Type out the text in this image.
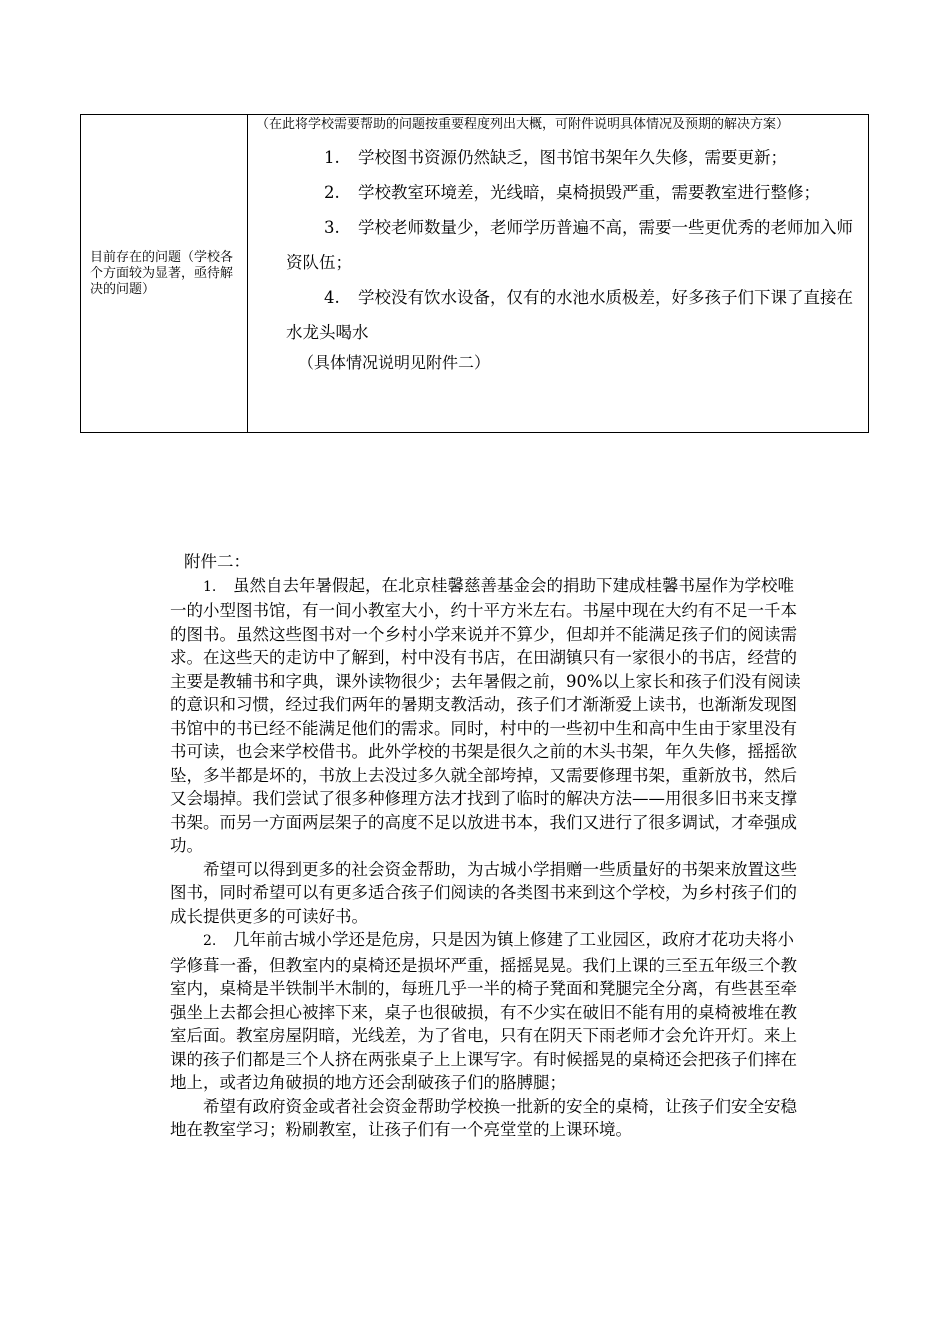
目前存在的问题（学校各个方面较为显著，亟待解决的问题）

（在此将学校需要帮助的问题按重要程度列出大概，可附件说明具体情况及预期的解决方案）
1. 学校图书资源仍然缺乏，图书馆书架年久失修，需要更新；
2. 学校教室环境差，光线暗，桌椅损毁严重，需要教室进行整修；
3. 学校老师数量少，老师学历普遍不高，需要一些更优秀的老师加入师资队伍；
4. 学校没有饮水设备，仅有的水池水质极差，好多孩子们下课了直接在水龙头喝水
（具体情况说明见附件二）
附件二：
1. 虽然自去年暑假起，在北京桂馨慈善基金会的捐助下建成桂馨书屋作为学校唯一的小型图书馆，有一间小教室大小，约十平方米左右。书屋中现在大约有不足一千本的图书。虽然这些图书对一个乡村小学来说并不算少，但却并不能满足孩子们的阅读需求。在这些天的走访中了解到，村中没有书店，在田湖镇只有一家很小的书店，经营的主要是教辅书和字典，课外读物很少；去年暑假之前，90%以上家长和孩子们没有阅读的意识和习惯，经过我们两年的暑期支教活动，孩子们才渐渐爱上读书，也渐渐发现图书馆中的书已经不能满足他们的需求。同时，村中的一些初中生和高中生由于家里没有书可读，也会来学校借书。此外学校的书架是很久之前的木头书架，年久失修，摇摇欲坠，多半都是坏的，书放上去没过多久就全部垮掉，又需要修理书架，重新放书，然后又会塌掉。我们尝试了很多种修理方法才找到了临时的解决方法——用很多旧书来支撑书架。而另一方面两层架子的高度不足以放进书本，我们又进行了很多调试，才牵强成功。
希望可以得到更多的社会资金帮助，为古城小学捐赠一些质量好的书架来放置这些图书，同时希望可以有更多适合孩子们阅读的各类图书来到这个学校，为乡村孩子们的成长提供更多的可读好书。
2. 几年前古城小学还是危房，只是因为镇上修建了工业园区，政府才花功夫将小学修葺一番，但教室内的桌椅还是损坏严重，摇摇晃晃。我们上课的三至五年级三个教室内，桌椅是半铁制半木制的，每班几乎一半的椅子凳面和凳腿完全分离，有些甚至牵强坐上去都会担心被摔下来，桌子也很破损，有不少实在破旧不能有用的桌椅被堆在教室后面。教室房屋阴暗，光线差，为了省电，只有在阴天下雨老师才会允许开灯。来上课的孩子们都是三个人挤在两张桌子上上课写字。有时候摇晃的桌椅还会把孩子们摔在地上，或者边角破损的地方还会刮破孩子们的胳膊腿；
希望有政府资金或者社会资金帮助学校换一批新的安全的桌椅，让孩子们安全安稳地在教室学习；粉刷教室，让孩子们有一个亮堂堂的上课环境。
